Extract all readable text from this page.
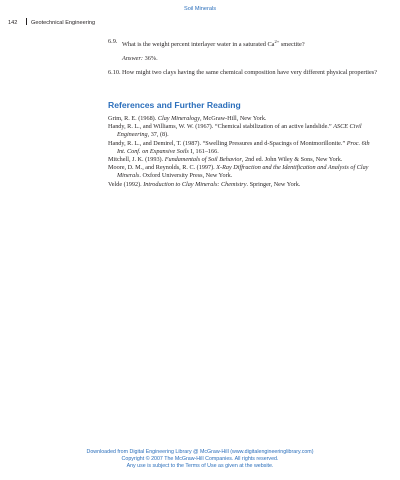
Soil Minerals
142 Geotechnical Engineering
6.9. What is the weight percent interlayer water in a saturated $Ca^{2+}$ smectite?
Answer: 36%.
6.10. How might two clays having the same chemical composition have very different physical properties?
References and Further Reading

Grim, R. E. (1968). Clay Mineralogy, McGraw-Hill, New York.

Handy, R. L., and Williams, W. W. (1967). “Chemical stabilization of an active landslide.” ASCE Civil Engineering, 37, (8).

Handy, R. L., and Demirel, T. (1987). “Swelling Pressures and d-Spacings of Montmorillonite.” Proc. 6th Int. Conf. on Expansive Soils I, 161–166.

Mitchell, J. K. (1993). Fundamentals of Soil Behavior, 2nd ed. John Wiley & Sons, New York.

Moore, D. M., and Reynolds, R. C. (1997). X-Ray Diffraction and the Identification and Analysis of Clay Minerals. Oxford University Press, New York.

Velde (1992). Introduction to Clay Minerals: Chemistry. Springer, New York.

Downloaded from Digital Engineering Library @ McGraw-Hill (www.digitalengineeringlibrary.com)
Copyright © 2007 The McGraw-Hill Companies. All rights reserved.
Any use is subject to the Terms of Use as given at the website.
